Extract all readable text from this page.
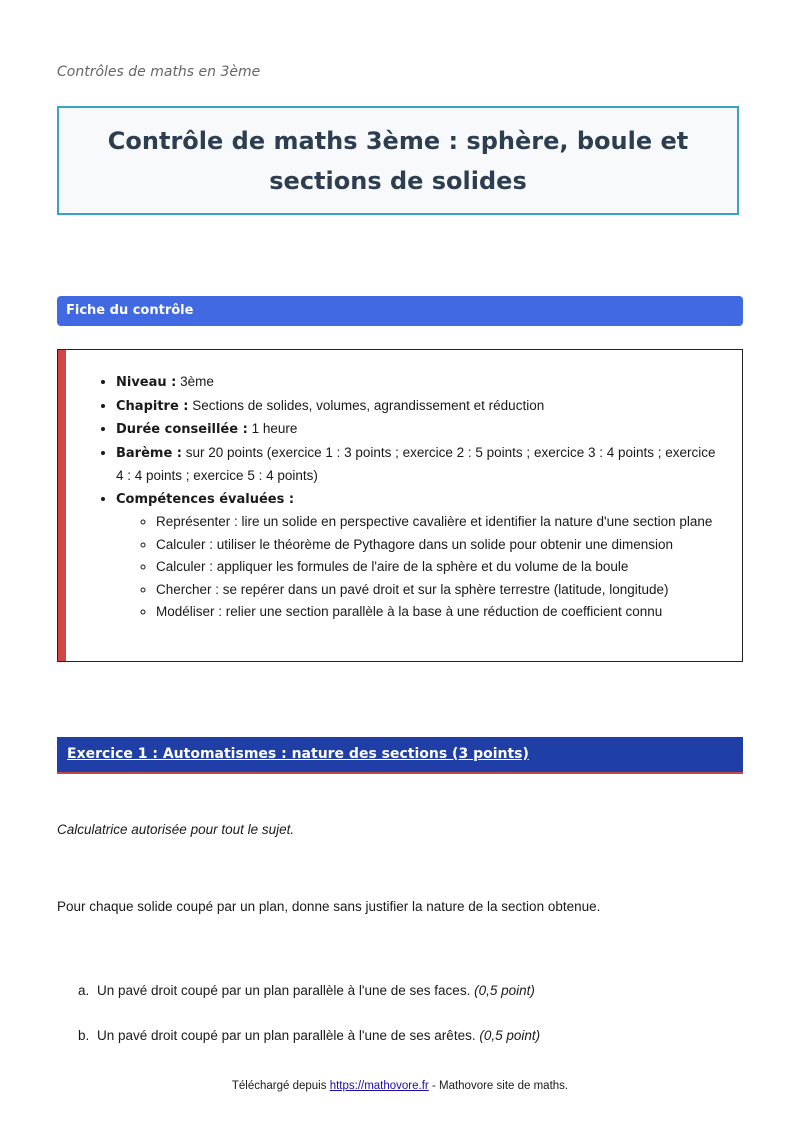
Contrôles de maths en 3ème
Contrôle de maths 3ème : sphère, boule et sections de solides
Fiche du contrôle
• Niveau : 3ème
• Chapitre : Sections de solides, volumes, agrandissement et réduction
• Durée conseillée : 1 heure
• Barème : sur 20 points (exercice 1 : 3 points ; exercice 2 : 5 points ; exercice 3 : 4 points ; exercice 4 : 4 points ; exercice 5 : 4 points)
• Compétences évaluées :
◦ Représenter : lire un solide en perspective cavalière et identifier la nature d'une section plane
◦ Calculer : utiliser le théorème de Pythagore dans un solide pour obtenir une dimension
◦ Calculer : appliquer les formules de l'aire de la sphère et du volume de la boule
◦ Chercher : se repérer dans un pavé droit et sur la sphère terrestre (latitude, longitude)
◦ Modéliser : relier une section parallèle à la base à une réduction de coefficient connu
Exercice 1 : Automatismes : nature des sections (3 points)
Calculatrice autorisée pour tout le sujet.
Pour chaque solide coupé par un plan, donne sans justifier la nature de la section obtenue.
a. Un pavé droit coupé par un plan parallèle à l'une de ses faces. (0,5 point)
b. Un pavé droit coupé par un plan parallèle à l'une de ses arêtes. (0,5 point)
Téléchargé depuis https://mathovore.fr - Mathovore site de maths.
